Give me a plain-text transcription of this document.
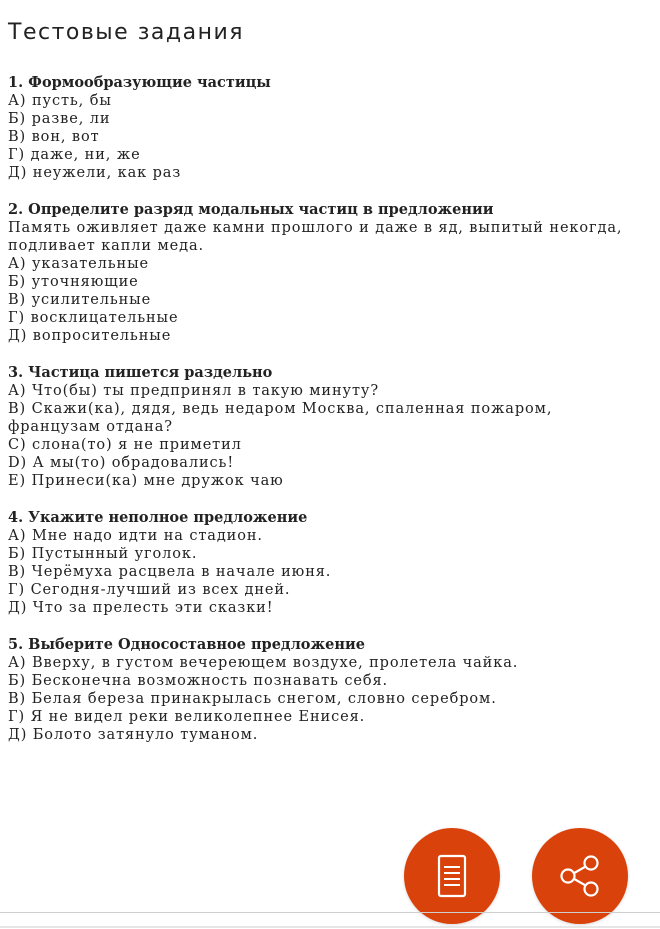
Тестовые задания

1. Формообразующие частицы

А) пусть, бы
Б) разве, ли
В) вон, вот
Г) даже, ни, же
Д) неужели, как раз

2. Определите разряд модальных частиц в предложении

Память оживляет даже камни прошлого и даже в яд, выпитый некогда, подливает капли меда.

А) указательные
Б) уточняющие
В) усилительные
Г) восклицательные
Д) вопросительные

3. Частица пишется раздельно

А) Что(бы) ты предпринял в такую минуту?
В) Скажи(ка), дядя, ведь недаром Москва, спаленная пожаром, французам отдана?
С) слона(то) я не приметил
D) А мы(то) обрадовались!
Е) Принеси(ка) мне дружок чаю

4. Укажите неполное предложение

А) Мне надо идти на стадион.
Б) Пустынный уголок.
В) Черёмуха расцвела в начале июня.
Г) Сегодня-лучший из всех дней.
Д) Что за прелесть эти сказки!

5. Выберите Односоставное предложение

А) Вверху, в густом вечереющем воздухе, пролетела чайка.
Б) Бесконечна возможность познавать себя.
В) Белая береза принакрылась снегом, словно серебром.
Г) Я не видел реки великолепнее Енисея.
Д) Болото затянуло туманом.
